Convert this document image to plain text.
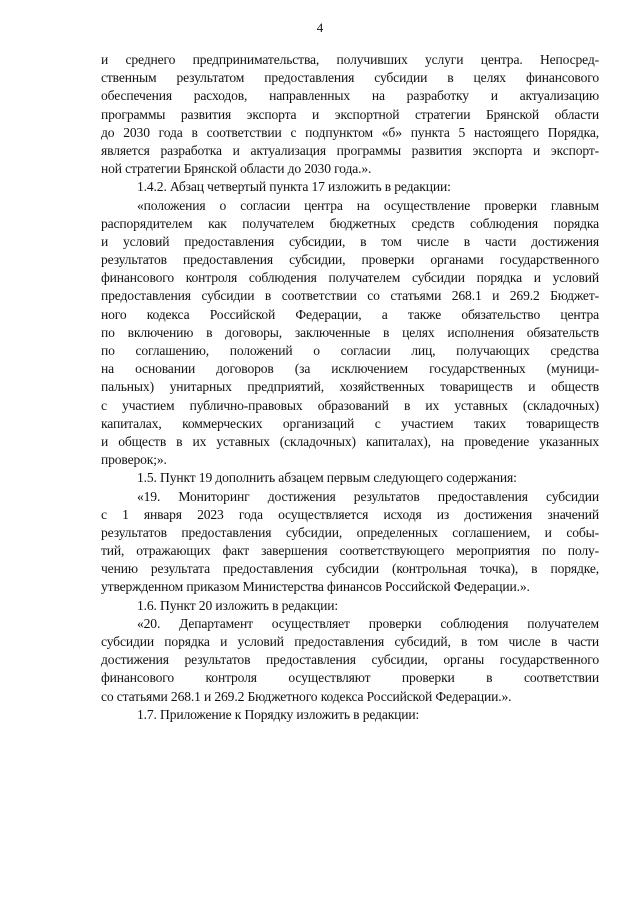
4
и среднего предпринимательства, получивших услуги центра. Непосред-
ственным результатом предоставления субсидии в целях финансового
обеспечения расходов, направленных на разработку и актуализацию
программы развития экспорта и экспортной стратегии Брянской области
до 2030 года в соответствии с подпунктом «б» пункта 5 настоящего Порядка,
является разработка и актуализация программы развития экспорта и экспорт-
ной стратегии Брянской области до 2030 года.».
1.4.2. Абзац четвертый пункта 17 изложить в редакции:
«положения о согласии центра на осуществление проверки главным
распорядителем как получателем бюджетных средств соблюдения порядка
и условий предоставления субсидии, в том числе в части достижения
результатов предоставления субсидии, проверки органами государственного
финансового контроля соблюдения получателем субсидии порядка и условий
предоставления субсидии в соответствии со статьями 268.1 и 269.2 Бюджет-
ного кодекса Российской Федерации, а также обязательство центра
по включению в договоры, заключенные в целях исполнения обязательств
по соглашению, положений о согласии лиц, получающих средства
на основании договоров (за исключением государственных (муници-
пальных) унитарных предприятий, хозяйственных товариществ и обществ
с участием публично-правовых образований в их уставных (складочных)
капиталах, коммерческих организаций с участием таких товариществ
и обществ в их уставных (складочных) капиталах), на проведение указанных
проверок;».
1.5. Пункт 19 дополнить абзацем первым следующего содержания:
«19. Мониторинг достижения результатов предоставления субсидии
с 1 января 2023 года осуществляется исходя из достижения значений
результатов предоставления субсидии, определенных соглашением, и собы-
тий, отражающих факт завершения соответствующего мероприятия по полу-
чению результата предоставления субсидии (контрольная точка), в порядке,
утвержденном приказом Министерства финансов Российской Федерации.».
1.6. Пункт 20 изложить в редакции:
«20. Департамент осуществляет проверки соблюдения получателем
субсидии порядка и условий предоставления субсидий, в том числе в части
достижения результатов предоставления субсидии, органы государственного
финансового контроля осуществляют проверки в соответствии
со статьями 268.1 и 269.2 Бюджетного кодекса Российской Федерации.».
1.7. Приложение к Порядку изложить в редакции:
